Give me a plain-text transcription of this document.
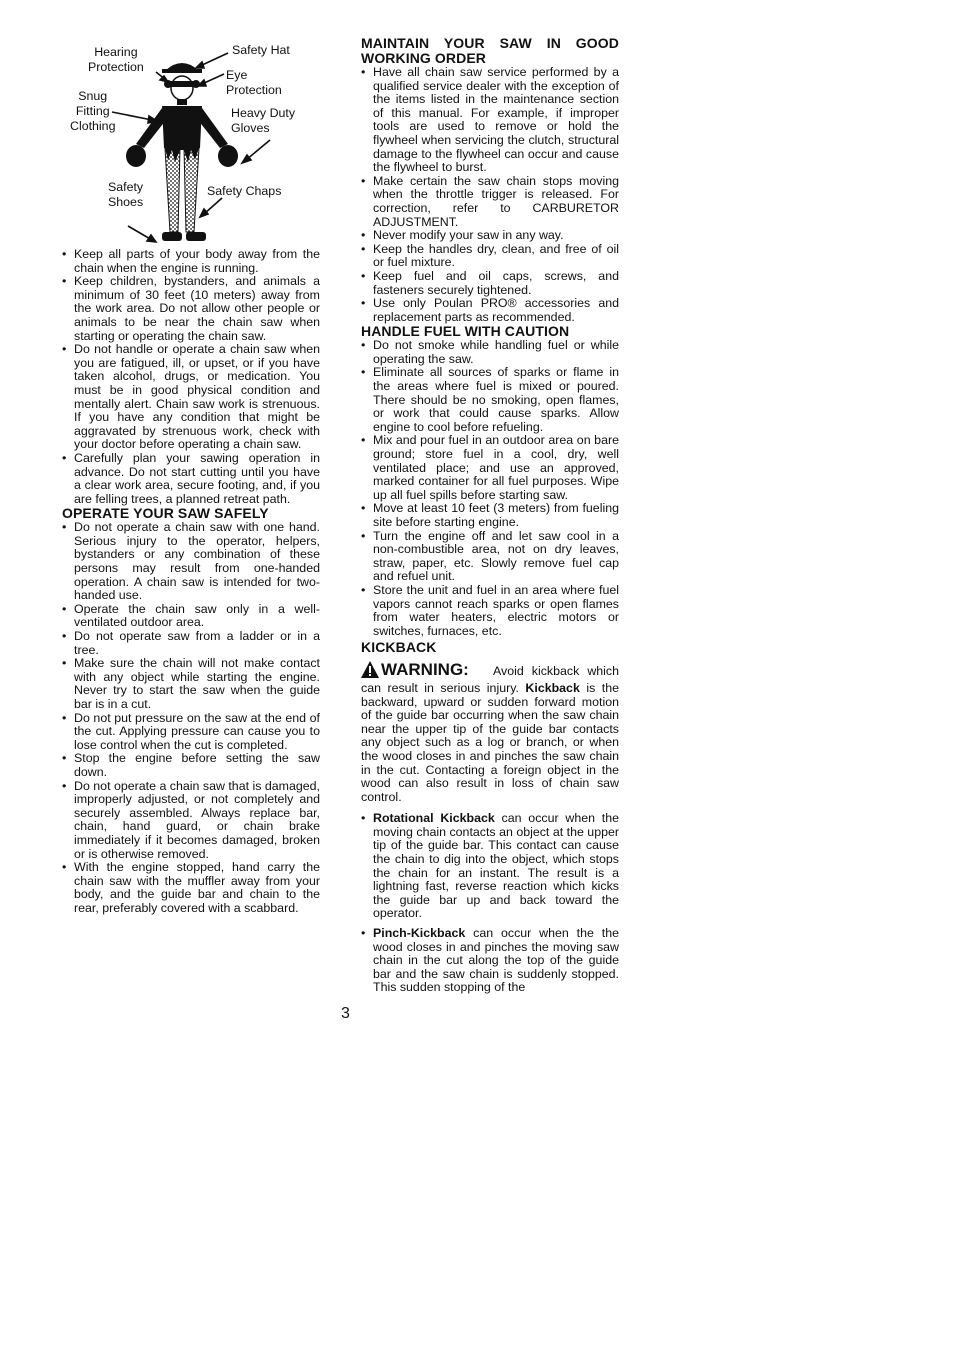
Hearing
Protection
Safety Hat
Eye
Protection
Snug
Fitting
Clothing
Heavy Duty
Gloves
Safety
Shoes
Safety Chaps
• Keep all parts of your body away from the chain when the engine is running.
• Keep children, bystanders, and animals a minimum of 30 feet (10 meters) away from the work area. Do not allow other people or animals to be near the chain saw when starting or operating the chain saw.
• Do not handle or operate a chain saw when you are fatigued, ill, or upset, or if you have taken alcohol, drugs, or medication. You must be in good physical condition and mentally alert. Chain saw work is strenuous. If you have any condition that might be aggravated by strenuous work, check with your doctor before operating a chain saw.
• Carefully plan your sawing operation in advance. Do not start cutting until you have a clear work area, secure footing, and, if you are felling trees, a planned retreat path.
OPERATE YOUR SAW SAFELY
• Do not operate a chain saw with one hand. Serious injury to the operator, helpers, bystanders or any combination of these persons may result from one-handed operation. A chain saw is intended for two-handed use.
• Operate the chain saw only in a well-ventilated outdoor area.
• Do not operate saw from a ladder or in a tree.
• Make sure the chain will not make contact with any object while starting the engine. Never try to start the saw when the guide bar is in a cut.
• Do not put pressure on the saw at the end of the cut. Applying pressure can cause you to lose control when the cut is completed.
• Stop the engine before setting the saw down.
• Do not operate a chain saw that is damaged, improperly adjusted, or not completely and securely assembled. Always replace bar, chain, hand guard, or chain brake immediately if it becomes damaged, broken or is otherwise removed.
• With the engine stopped, hand carry the chain saw with the muffler away from your body, and the guide bar and chain to the rear, preferably covered with a scabbard.
MAINTAIN YOUR SAW IN GOOD WORKING ORDER
• Have all chain saw service performed by a qualified service dealer with the exception of the items listed in the maintenance section of this manual. For example, if improper tools are used to remove or hold the flywheel when servicing the clutch, structural damage to the flywheel can occur and cause the flywheel to burst.
• Make certain the saw chain stops moving when the throttle trigger is released. For correction, refer to CARBURETOR ADJUSTMENT.
• Never modify your saw in any way.
• Keep the handles dry, clean, and free of oil or fuel mixture.
• Keep fuel and oil caps, screws, and fasteners securely tightened.
• Use only Poulan PRO® accessories and replacement parts as recommended.
HANDLE FUEL WITH CAUTION
• Do not smoke while handling fuel or while operating the saw.
• Eliminate all sources of sparks or flame in the areas where fuel is mixed or poured. There should be no smoking, open flames, or work that could cause sparks. Allow engine to cool before refueling.
• Mix and pour fuel in an outdoor area on bare ground; store fuel in a cool, dry, well ventilated place; and use an approved, marked container for all fuel purposes. Wipe up all fuel spills before starting saw.
• Move at least 10 feet (3 meters) from fueling site before starting engine.
• Turn the engine off and let saw cool in a non-combustible area, not on dry leaves, straw, paper, etc. Slowly remove fuel cap and refuel unit.
• Store the unit and fuel in an area where fuel vapors cannot reach sparks or open flames from water heaters, electric motors or switches, furnaces, etc.
KICKBACK
WARNING: Avoid kickback which can result in serious injury. Kickback is the backward, upward or sudden forward motion of the guide bar occurring when the saw chain near the upper tip of the guide bar contacts any object such as a log or branch, or when the wood closes in and pinches the saw chain in the cut. Contacting a foreign object in the wood can also result in loss of chain saw control.
• Rotational Kickback can occur when the moving chain contacts an object at the upper tip of the guide bar. This contact can cause the chain to dig into the object, which stops the chain for an instant. The result is a lightning fast, reverse reaction which kicks the guide bar up and back toward the operator.
• Pinch-Kickback can occur when the the wood closes in and pinches the moving saw chain in the cut along the top of the guide bar and the saw chain is suddenly stopped. This sudden stopping of the
3
